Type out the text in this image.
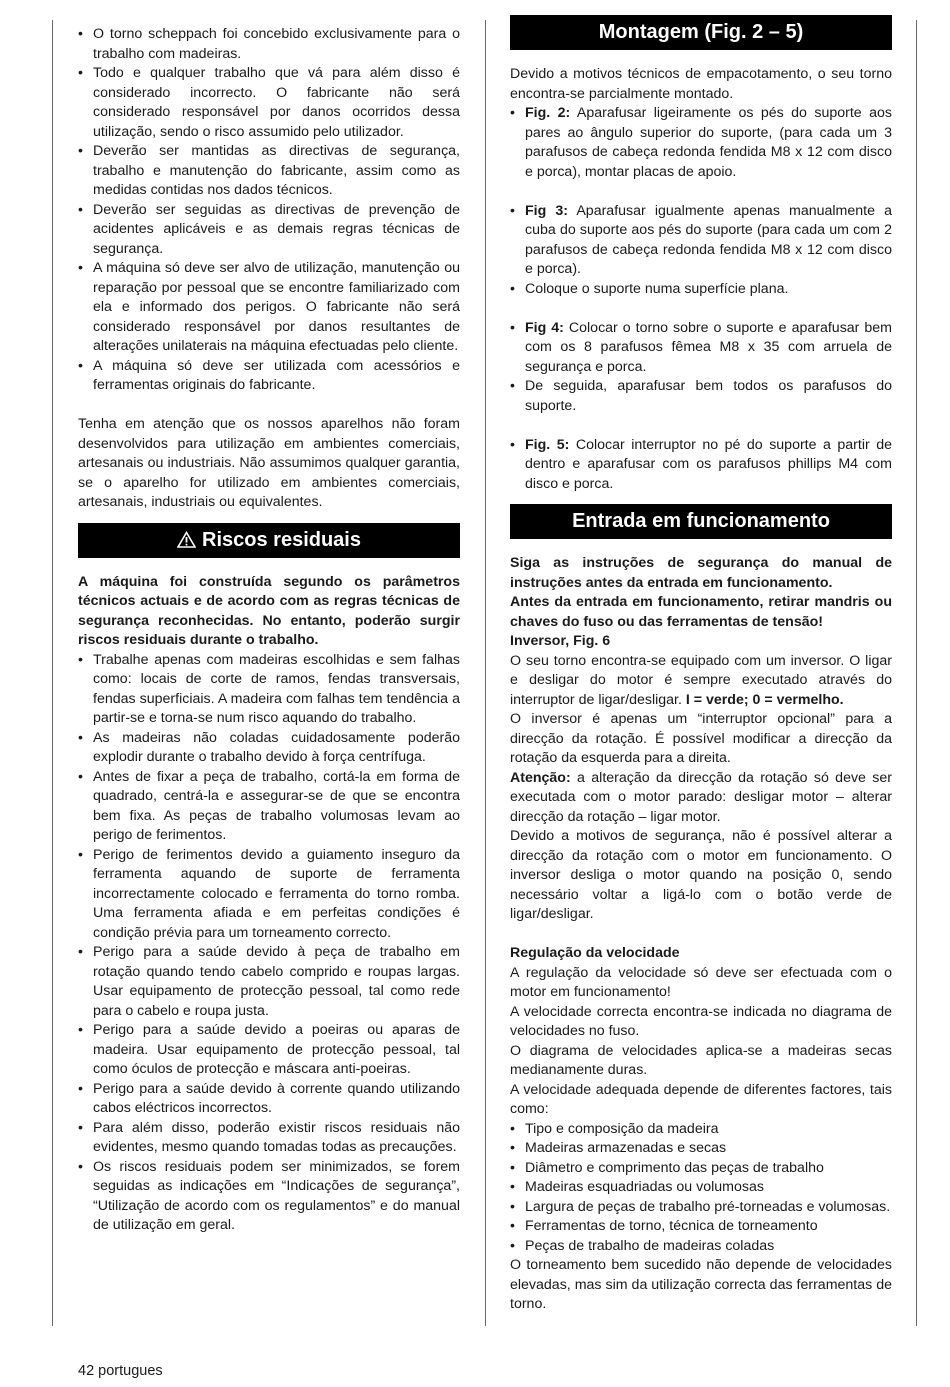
• O torno scheppach foi concebido exclusivamente para o trabalho com madeiras.
• Todo e qualquer trabalho que vá para além disso é considerado incorrecto. O fabricante não será considerado responsável por danos ocorridos dessa utilização, sendo o risco assumido pelo utilizador.
• Deverão ser mantidas as directivas de segurança, trabalho e manutenção do fabricante, assim como as medidas contidas nos dados técnicos.
• Deverão ser seguidas as directivas de prevenção de acidentes aplicáveis e as demais regras técnicas de segurança.
• A máquina só deve ser alvo de utilização, manutenção ou reparação por pessoal que se encontre familiarizado com ela e informado dos perigos. O fabricante não será considerado responsável por danos resultantes de alterações unilaterais na máquina efectuadas pelo cliente.
• A máquina só deve ser utilizada com acessórios e ferramentas originais do fabricante.

Tenha em atenção que os nossos aparelhos não foram desenvolvidos para utilização em ambientes comerciais, artesanais ou industriais. Não assumimos qualquer garantia, se o aparelho for utilizado em ambientes comerciais, artesanais, industriais ou equivalentes.

Riscos residuais

A máquina foi construída segundo os parâmetros técnicos actuais e de acordo com as regras técnicas de segurança reconhecidas. No entanto, poderão surgir riscos residuais durante o trabalho.

• Trabalhe apenas com madeiras escolhidas e sem falhas como: locais de corte de ramos, fendas transversais, fendas superficiais. A madeira com falhas tem tendência a partir-se e torna-se num risco aquando do trabalho.
• As madeiras não coladas cuidadosamente poderão explodir durante o trabalho devido à força centrífuga.
• Antes de fixar a peça de trabalho, cortá-la em forma de quadrado, centrá-la e assegurar-se de que se encontra bem fixa. As peças de trabalho volumosas levam ao perigo de ferimentos.
• Perigo de ferimentos devido a guiamento inseguro da ferramenta aquando de suporte de ferramenta incorrectamente colocado e ferramenta do torno romba. Uma ferramenta afiada e em perfeitas condições é condição prévia para um torneamento correcto.
• Perigo para a saúde devido à peça de trabalho em rotação quando tendo cabelo comprido e roupas largas. Usar equipamento de protecção pessoal, tal como rede para o cabelo e roupa justa.
• Perigo para a saúde devido a poeiras ou aparas de madeira. Usar equipamento de protecção pessoal, tal como óculos de protecção e máscara anti-poeiras.
• Perigo para a saúde devido à corrente quando utilizando cabos eléctricos incorrectos.
• Para além disso, poderão existir riscos residuais não evidentes, mesmo quando tomadas todas as precauções.
• Os riscos residuais podem ser minimizados, se forem seguidas as indicações em “Indicações de segurança”, “Utilização de acordo com os regulamentos” e do manual de utilização em geral.
Montagem (Fig. 2 – 5)

Devido a motivos técnicos de empacotamento, o seu torno encontra-se parcialmente montado.

• Fig. 2: Aparafusar ligeiramente os pés do suporte aos pares ao ângulo superior do suporte, (para cada um 3 parafusos de cabeça redonda fendida M8 x 12 com disco e porca), montar placas de apoio.
• Fig 3: Aparafusar igualmente apenas manualmente a cuba do suporte aos pés do suporte (para cada um com 2 parafusos de cabeça redonda fendida M8 x 12 com disco e porca).
• Coloque o suporte numa superfície plana.
• Fig 4: Colocar o torno sobre o suporte e aparafusar bem com os 8 parafusos fêmea M8 x 35 com arruela de segurança e porca.
• De seguida, aparafusar bem todos os parafusos do suporte.
• Fig. 5: Colocar interruptor no pé do suporte a partir de dentro e aparafusar com os parafusos phillips M4 com disco e porca.
Entrada em funcionamento

Siga as instruções de segurança do manual de instruções antes da entrada em funcionamento.

Antes da entrada em funcionamento, retirar mandris ou chaves do fuso ou das ferramentas de tensão!

Inversor, Fig. 6

O seu torno encontra-se equipado com um inversor. O ligar e desligar do motor é sempre executado através do interruptor de ligar/desligar. I = verde; 0 = vermelho.

O inversor é apenas um “interruptor opcional” para a direcção da rotação. É possível modificar a direcção da rotação da esquerda para a direita.

Atenção: a alteração da direcção da rotação só deve ser executada com o motor parado: desligar motor – alterar direcção da rotação – ligar motor.

Devido a motivos de segurança, não é possível alterar a direcção da rotação com o motor em funcionamento. O inversor desliga o motor quando na posição 0, sendo necessário voltar a ligá-lo com o botão verde de ligar/desligar.

Regulação da velocidade

A regulação da velocidade só deve ser efectuada com o motor em funcionamento!

A velocidade correcta encontra-se indicada no diagrama de velocidades no fuso.

O diagrama de velocidades aplica-se a madeiras secas medianamente duras.

A velocidade adequada depende de diferentes factores, tais como:

• Tipo e composição da madeira
• Madeiras armazenadas e secas
• Diâmetro e comprimento das peças de trabalho
• Madeiras esquadriadas ou volumosas
• Largura de peças de trabalho pré-torneadas e volumosas.
• Ferramentas de torno, técnica de torneamento
• Peças de trabalho de madeiras coladas

O torneamento bem sucedido não depende de velocidades elevadas, mas sim da utilização correcta das ferramentas de torno.

42 portugues
